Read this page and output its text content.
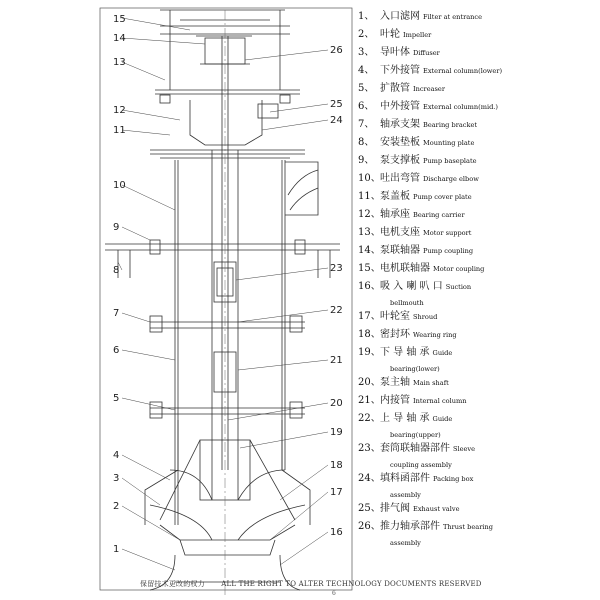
15
14
13
12
11
10
9
8
7
6
5
4
3
2
1
26
25
24
23
22
21
20
19
18
17
16
1、 入口滤网 Filter at entrance
2、 叶轮 Impeller
3、 导叶体 Diffuser
4、 下外接管 External column(lower)
5、 扩散管 Increaser
6、 中外接管 External column(mid.)
7、 轴承支架 Bearing bracket
8、 安装垫板 Mounting plate
9、 泵支撑板 Pump baseplate
10、吐出弯管 Discharge elbow
11、泵盖板 Pump cover plate
12、轴承座 Bearing carrier
13、电机支座 Motor support
14、泵联轴器 Pump coupling
15、电机联轴器 Motor coupling
16、吸 入 喇 叭 口 Suction
bellmouth
17、叶轮室 Shroud
18、密封环 Wearing ring
19、下 导 轴 承 Guide
bearing(lower)
20、泵主轴 Main shaft
21、内接管 Internal column
22、上 导 轴 承 Guide
bearing(upper)
23、套筒联轴器部件 Sleeve
coupling assembly
24、填料函部件 Packing box
assembly
25、排气阀 Exhaust valve
26、推力轴承部件 Thrust bearing
assembly
保留技术更改的权力 ALL THE RIGHT TO ALTER TECHNOLOGY DOCUMENTS RESERVED
6
